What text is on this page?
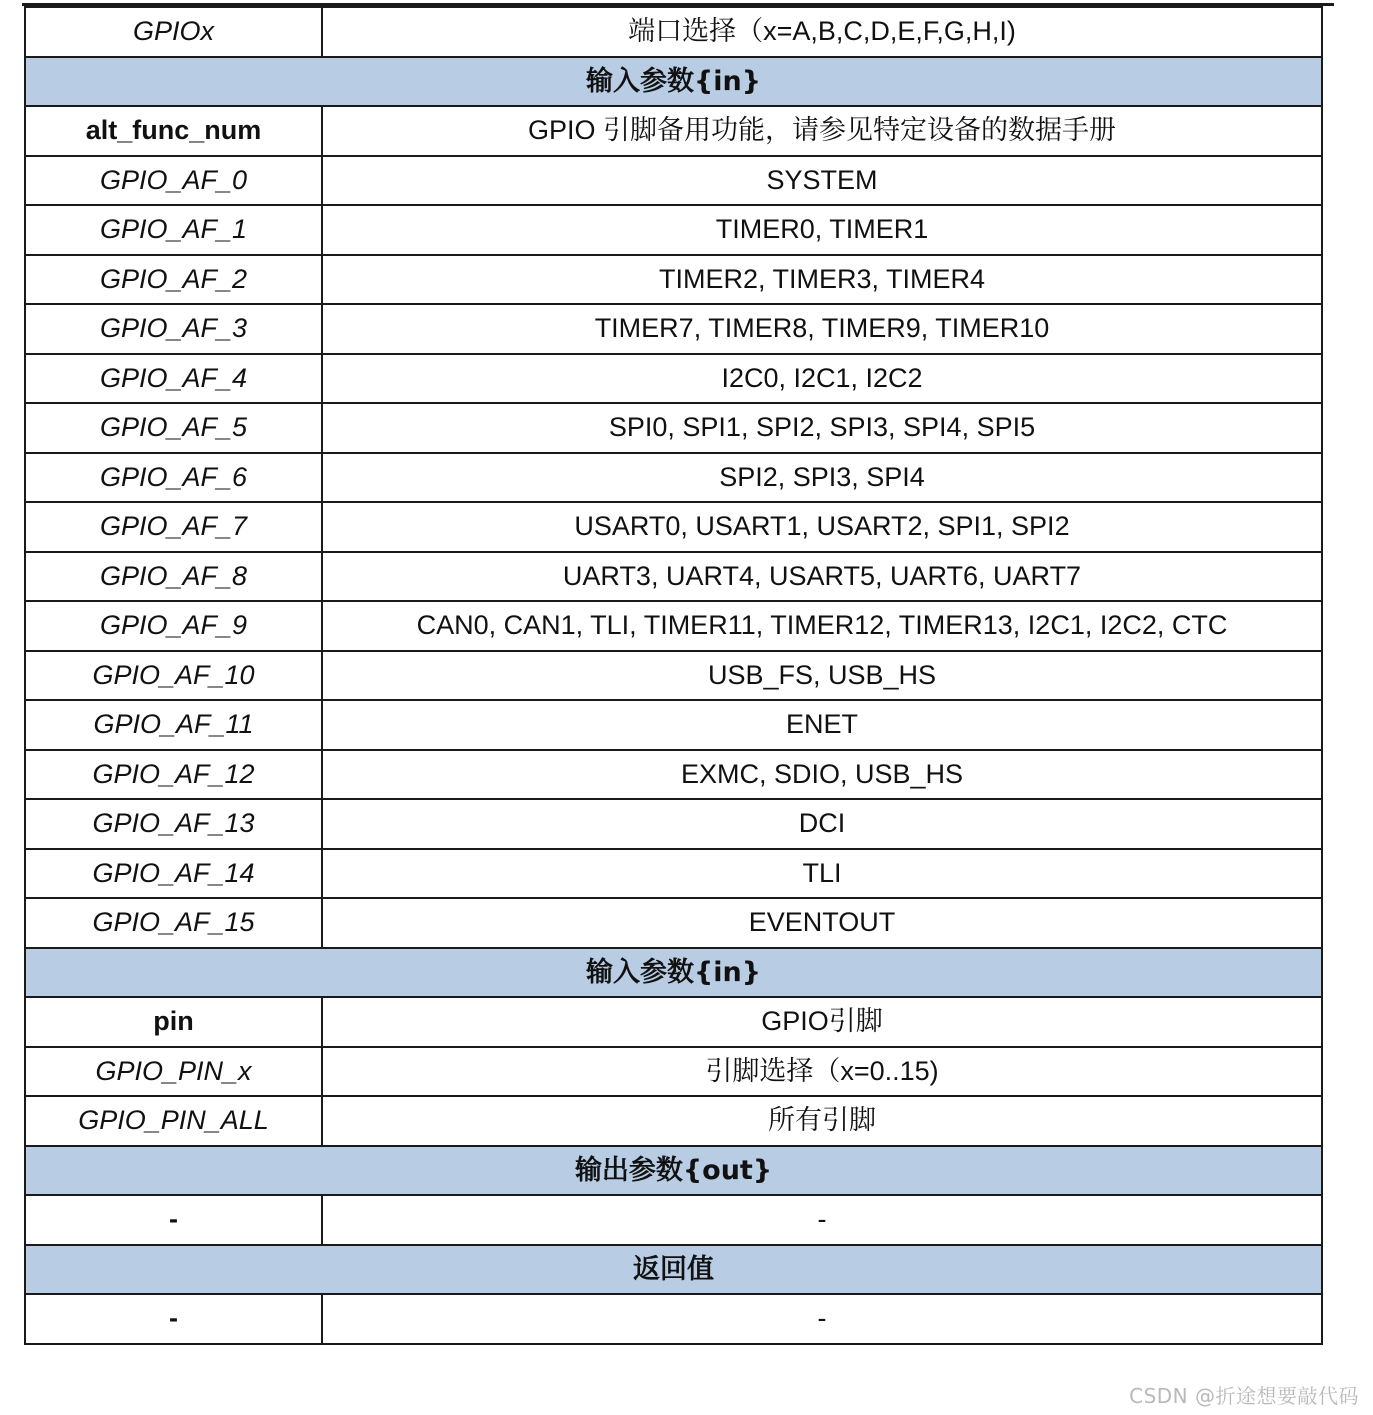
GPIOx	端口选择（x=A,B,C,D,E,F,G,H,I)
输入参数{in}	
alt_func_num	GPIO 引脚备用功能，请参见特定设备的数据手册
GPIO_AF_0	SYSTEM
GPIO_AF_1	TIMER0, TIMER1
GPIO_AF_2	TIMER2, TIMER3, TIMER4
GPIO_AF_3	TIMER7, TIMER8, TIMER9, TIMER10
GPIO_AF_4	I2C0, I2C1, I2C2
GPIO_AF_5	SPI0, SPI1, SPI2, SPI3, SPI4, SPI5
GPIO_AF_6	SPI2, SPI3, SPI4
GPIO_AF_7	USART0, USART1, USART2, SPI1, SPI2
GPIO_AF_8	UART3, UART4, USART5, UART6, UART7
GPIO_AF_9	CAN0, CAN1, TLI, TIMER11, TIMER12, TIMER13, I2C1, I2C2, CTC
GPIO_AF_10	USB_FS, USB_HS
GPIO_AF_11	ENET
GPIO_AF_12	EXMC, SDIO, USB_HS
GPIO_AF_13	DCI
GPIO_AF_14	TLI
GPIO_AF_15	EVENTOUT
输入参数{in}	
pin	GPIO引脚
GPIO_PIN_x	引脚选择（x=0..15)
GPIO_PIN_ALL	所有引脚
输出参数{out}	
-	-
返回值	
-	-
CSDN @折途想要敲代码
